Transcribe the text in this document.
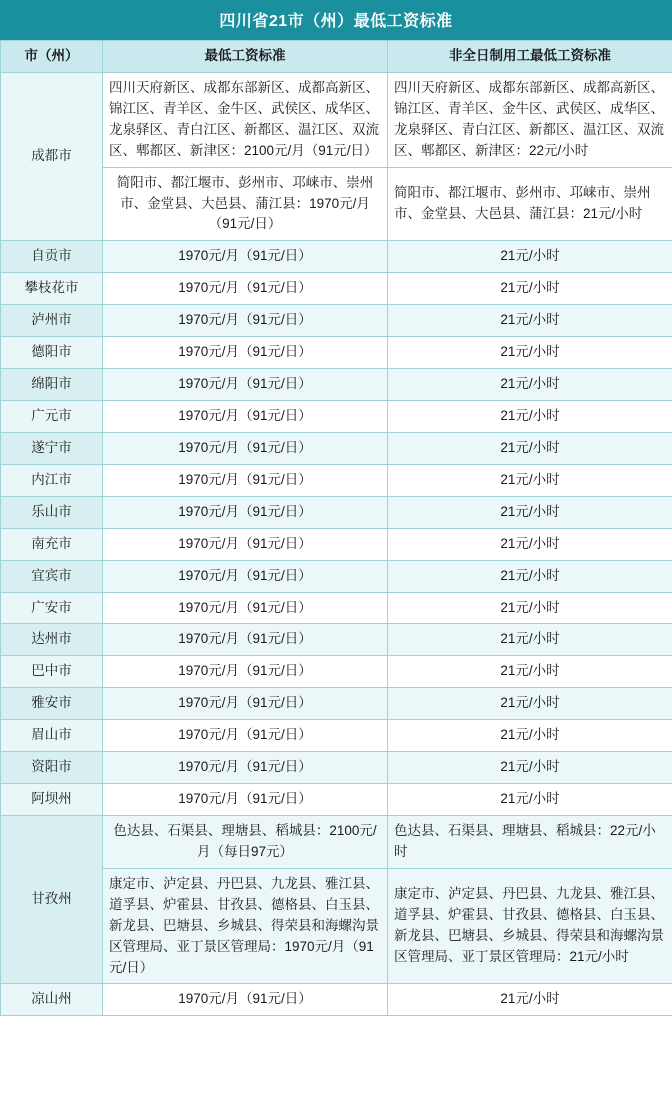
四川省21市（州）最低工资标准
市（州）	最低工资标准	非全日制用工最低工资标准
成都市	四川天府新区、成都东部新区、成都高新区、锦江区、青羊区、金牛区、武侯区、成华区、龙泉驿区、青白江区、新都区、温江区、双流区、郫都区、新津区：2100元/月（91元/日）	四川天府新区、成都东部新区、成都高新区、锦江区、青羊区、金牛区、武侯区、成华区、龙泉驿区、青白江区、新都区、温江区、双流区、郫都区、新津区：22元/小时
	简阳市、都江堰市、彭州市、邛崃市、崇州市、金堂县、大邑县、蒲江县：1970元/月（91元/日）	简阳市、都江堰市、彭州市、邛崃市、崇州市、金堂县、大邑县、蒲江县：21元/小时
自贡市	1970元/月（91元/日）	21元/小时
攀枝花市	1970元/月（91元/日）	21元/小时
泸州市	1970元/月（91元/日）	21元/小时
德阳市	1970元/月（91元/日）	21元/小时
绵阳市	1970元/月（91元/日）	21元/小时
广元市	1970元/月（91元/日）	21元/小时
遂宁市	1970元/月（91元/日）	21元/小时
内江市	1970元/月（91元/日）	21元/小时
乐山市	1970元/月（91元/日）	21元/小时
南充市	1970元/月（91元/日）	21元/小时
宜宾市	1970元/月（91元/日）	21元/小时
广安市	1970元/月（91元/日）	21元/小时
达州市	1970元/月（91元/日）	21元/小时
巴中市	1970元/月（91元/日）	21元/小时
雅安市	1970元/月（91元/日）	21元/小时
眉山市	1970元/月（91元/日）	21元/小时
资阳市	1970元/月（91元/日）	21元/小时
阿坝州	1970元/月（91元/日）	21元/小时
甘孜州	色达县、石渠县、理塘县、稻城县：2100元/月（每日97元）	色达县、石渠县、理塘县、稻城县：22元/小时
	康定市、泸定县、丹巴县、九龙县、雅江县、道孚县、炉霍县、甘孜县、德格县、白玉县、新龙县、巴塘县、乡城县、得荣县和海螺沟景区管理局、亚丁景区管理局：1970元/月（91元/日）	康定市、泸定县、丹巴县、九龙县、雅江县、道孚县、炉霍县、甘孜县、德格县、白玉县、新龙县、巴塘县、乡城县、得荣县和海螺沟景区管理局、亚丁景区管理局：21元/小时
凉山州	1970元/月（91元/日）	21元/小时
